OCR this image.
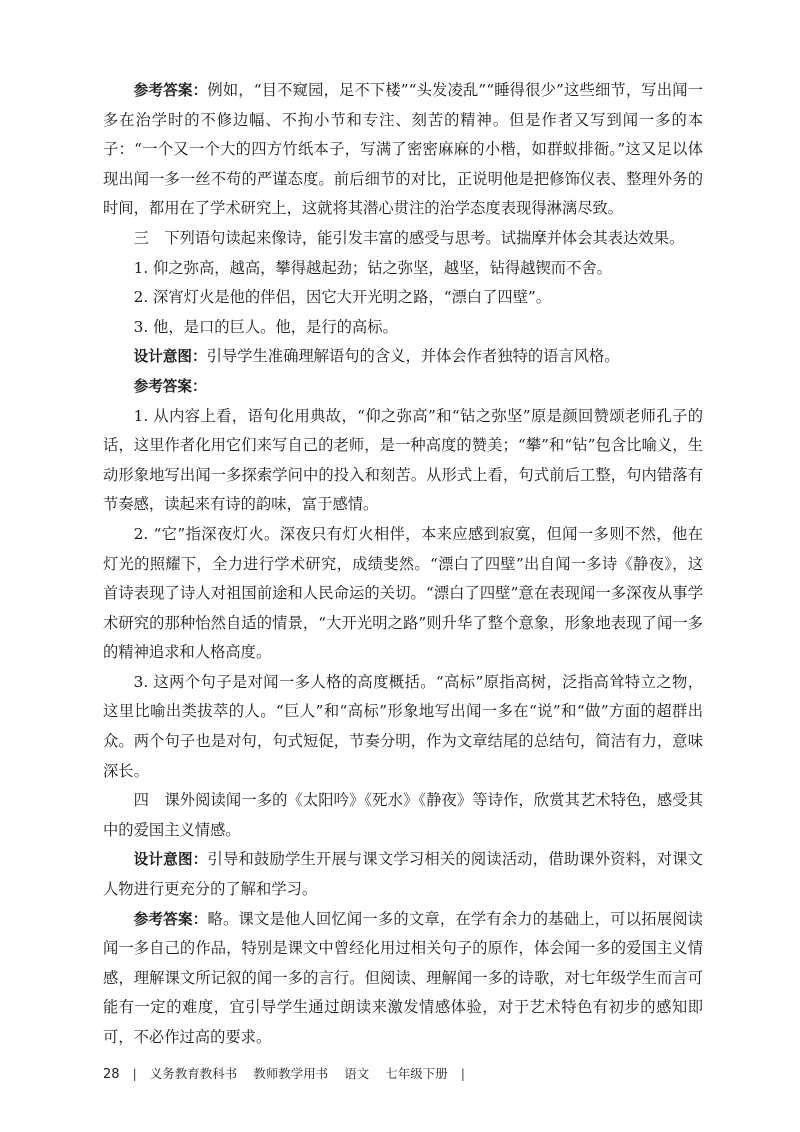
参考答案：例如，“目不窥园，足不下楼”“头发凌乱”“睡得很少”这些细节，写出闻一多在治学时的不修边幅、不拘小节和专注、刻苦的精神。但是作者又写到闻一多的本子：“一个又一个大的四方竹纸本子，写满了密密麻麻的小楷，如群蚁排衙。”这又足以体现出闻一多一丝不苟的严谨态度。前后细节的对比，正说明他是把修饰仪表、整理外务的时间，都用在了学术研究上，这就将其潜心贯注的治学态度表现得淋漓尽致。

三　下列语句读起来像诗，能引发丰富的感受与思考。试揣摩并体会其表达效果。

1. 仰之弥高，越高，攀得越起劲；钻之弥坚，越坚，钻得越锲而不舍。

2. 深宵灯火是他的伴侣，因它大开光明之路，“漂白了四壁”。

3. 他，是口的巨人。他，是行的高标。

设计意图：引导学生准确理解语句的含义，并体会作者独特的语言风格。

参考答案：

1. 从内容上看，语句化用典故，“仰之弥高”和“钻之弥坚”原是颜回赞颂老师孔子的话，这里作者化用它们来写自己的老师，是一种高度的赞美；“攀”和“钻”包含比喻义，生动形象地写出闻一多探索学问中的投入和刻苦。从形式上看，句式前后工整，句内错落有节奏感，读起来有诗的韵味，富于感情。

2. “它”指深夜灯火。深夜只有灯火相伴，本来应感到寂寞，但闻一多则不然，他在灯光的照耀下，全力进行学术研究，成绩斐然。“漂白了四壁”出自闻一多诗《静夜》，这首诗表现了诗人对祖国前途和人民命运的关切。“漂白了四壁”意在表现闻一多深夜从事学术研究的那种怡然自适的情景，“大开光明之路”则升华了整个意象，形象地表现了闻一多的精神追求和人格高度。

3. 这两个句子是对闻一多人格的高度概括。“高标”原指高树，泛指高耸特立之物，这里比喻出类拔萃的人。“巨人”和“高标”形象地写出闻一多在“说”和“做”方面的超群出众。两个句子也是对句，句式短促，节奏分明，作为文章结尾的总结句，简洁有力，意味深长。

四　课外阅读闻一多的《太阳吟》《死水》《静夜》等诗作，欣赏其艺术特色，感受其中的爱国主义情感。

设计意图：引导和鼓励学生开展与课文学习相关的阅读活动，借助课外资料，对课文人物进行更充分的了解和学习。

参考答案：略。课文是他人回忆闻一多的文章，在学有余力的基础上，可以拓展阅读闻一多自己的作品，特别是课文中曾经化用过相关句子的原作，体会闻一多的爱国主义情感，理解课文所记叙的闻一多的言行。但阅读、理解闻一多的诗歌，对七年级学生而言可能有一定的难度，宜引导学生通过朗读来激发情感体验，对于艺术特色有初步的感知即可，不必作过高的要求。

28 | 义务教育教科书 教师教学用书 语文 七年级下册 |
